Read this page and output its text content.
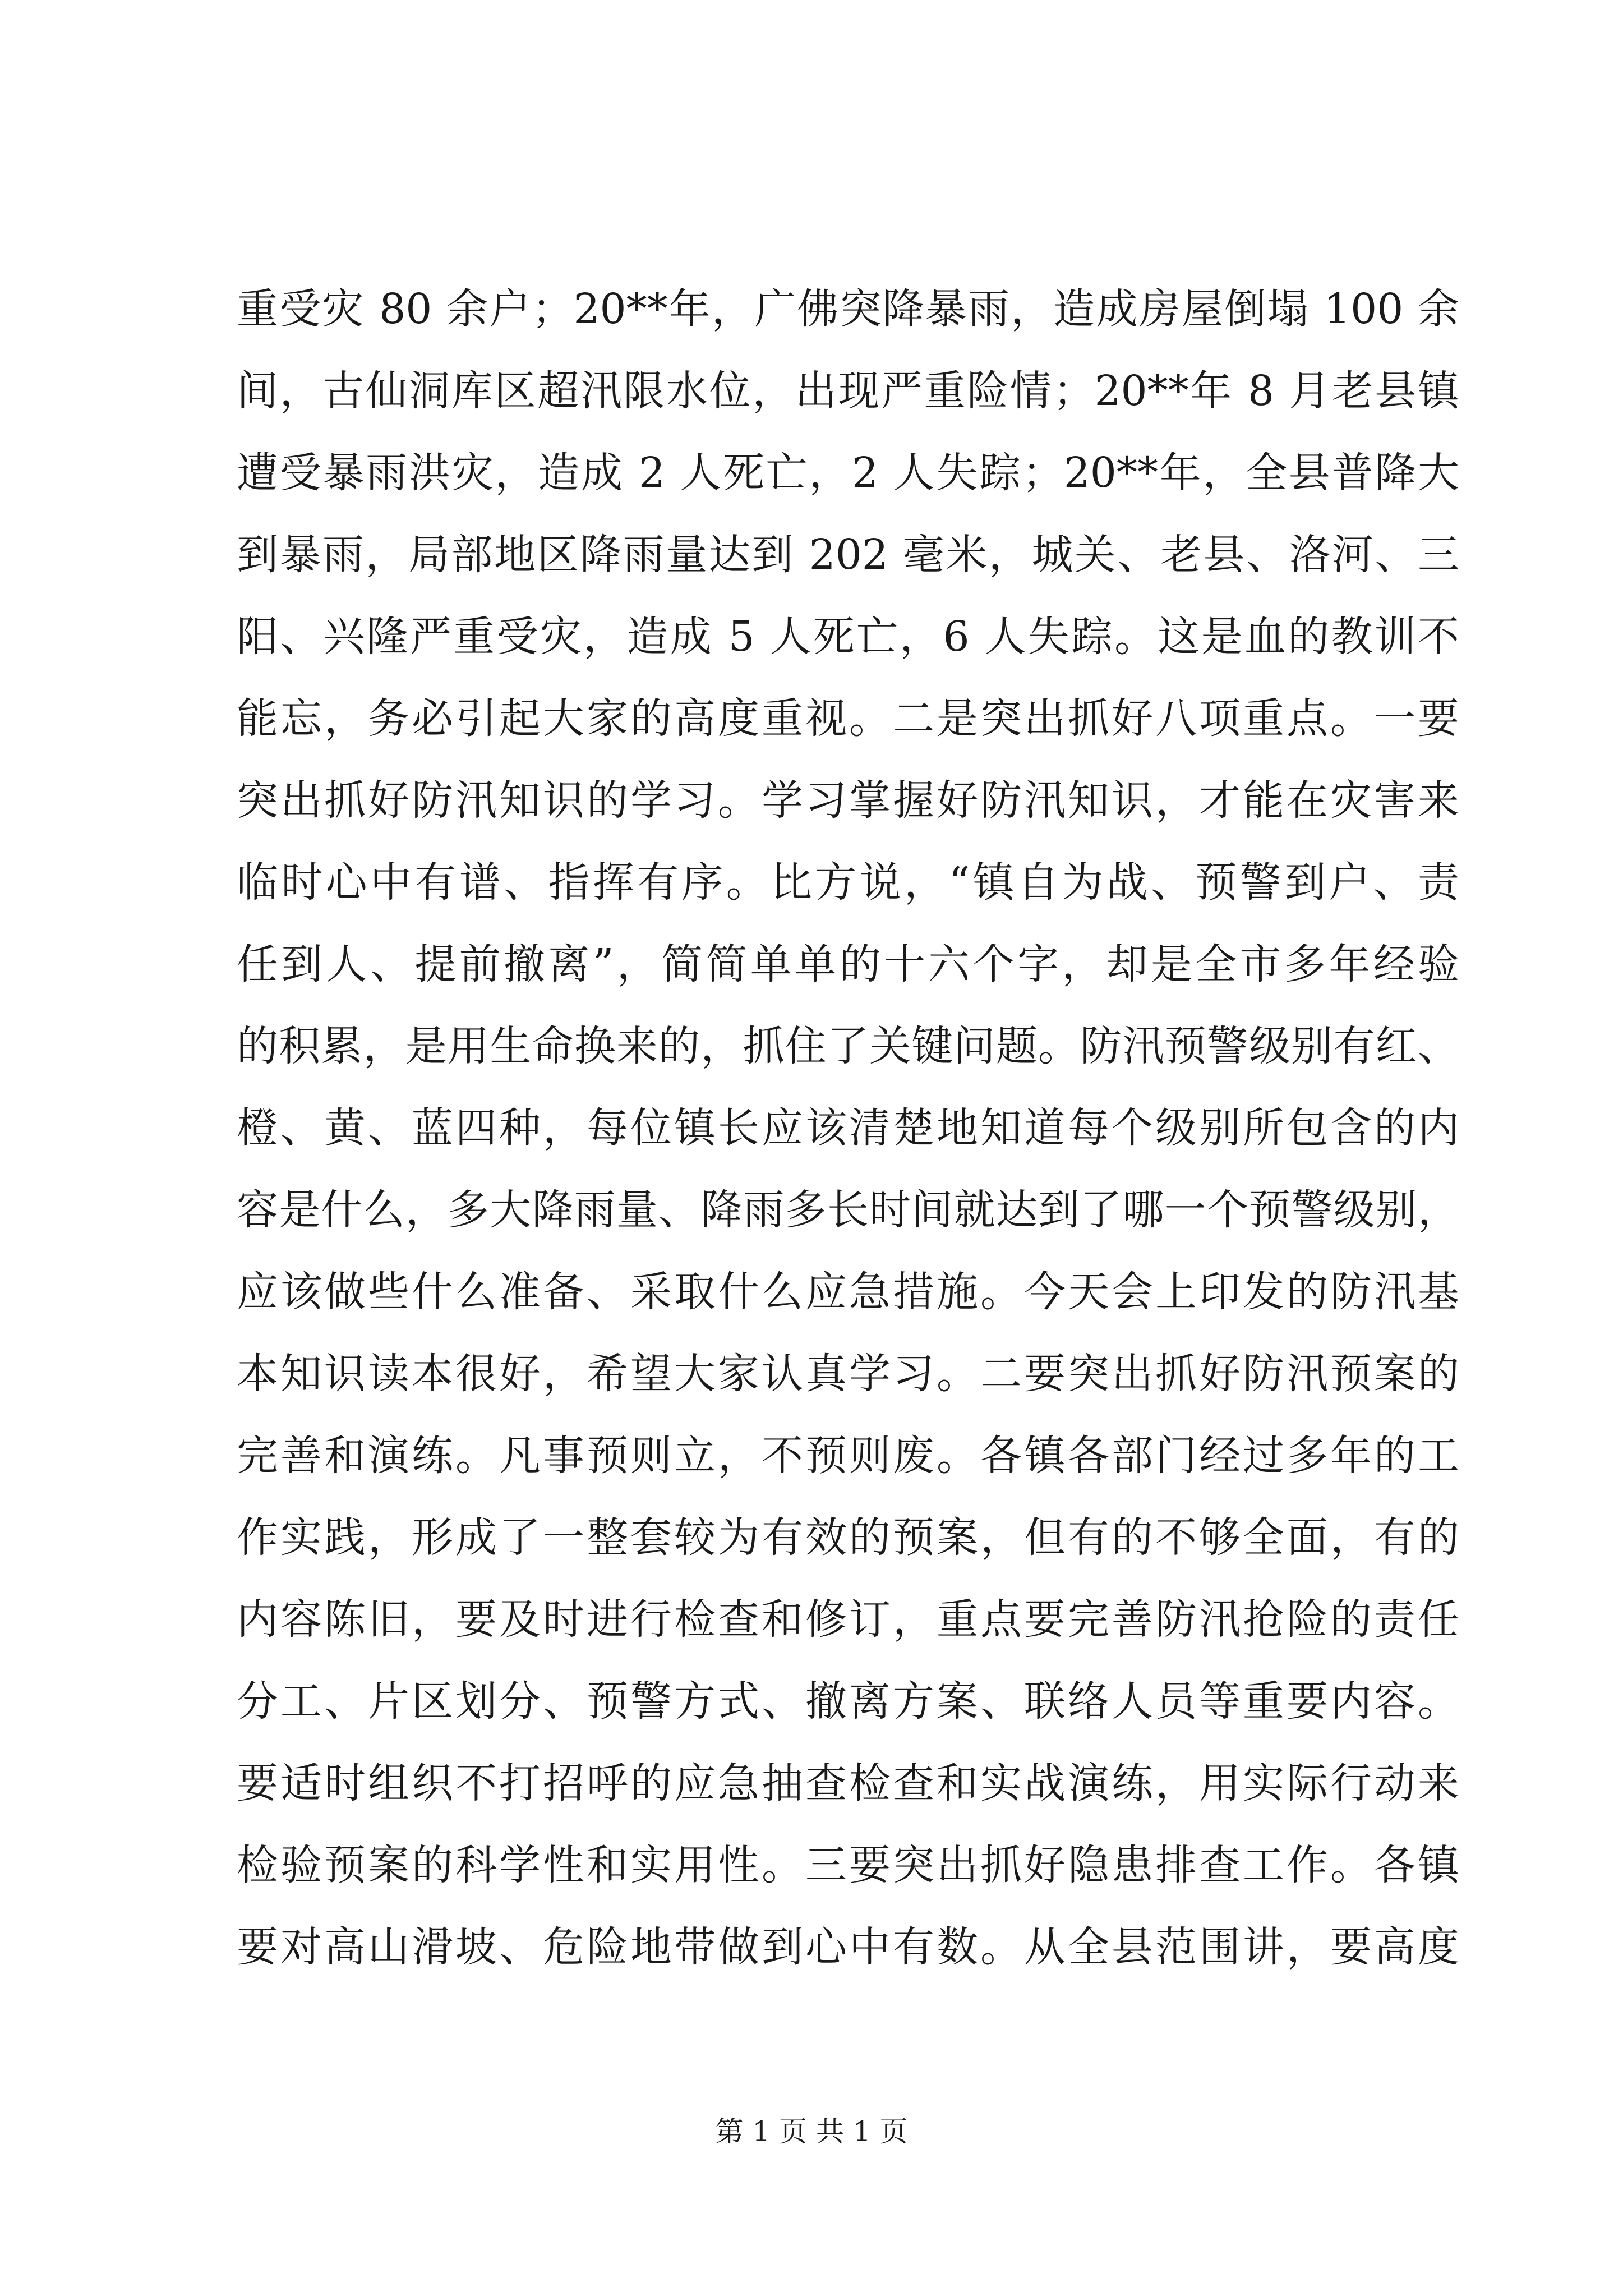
重受灾 80 余户；20**年，广佛突降暴雨，造成房屋倒塌 100 余
间，古仙洞库区超汛限水位，出现严重险情；20**年 8 月老县镇
遭受暴雨洪灾，造成 2 人死亡，2 人失踪；20**年，全县普降大
到暴雨，局部地区降雨量达到 202 毫米，城关、老县、洛河、三
阳、兴隆严重受灾，造成 5 人死亡，6 人失踪。这是血的教训不
能忘，务必引起大家的高度重视。二是突出抓好八项重点。一要
突出抓好防汛知识的学习。学习掌握好防汛知识，才能在灾害来
临时心中有谱、指挥有序。比方说，“镇自为战、预警到户、责
任到人、提前撤离”，简简单单的十六个字，却是全市多年经验
的积累，是用生命换来的，抓住了关键问题。防汛预警级别有红、
橙、黄、蓝四种，每位镇长应该清楚地知道每个级别所包含的内
容是什么，多大降雨量、降雨多长时间就达到了哪一个预警级别，
应该做些什么准备、采取什么应急措施。今天会上印发的防汛基
本知识读本很好，希望大家认真学习。二要突出抓好防汛预案的
完善和演练。凡事预则立，不预则废。各镇各部门经过多年的工
作实践，形成了一整套较为有效的预案，但有的不够全面，有的
内容陈旧，要及时进行检查和修订，重点要完善防汛抢险的责任
分工、片区划分、预警方式、撤离方案、联络人员等重要内容。
要适时组织不打招呼的应急抽查检查和实战演练，用实际行动来
检验预案的科学性和实用性。三要突出抓好隐患排查工作。各镇
要对高山滑坡、危险地带做到心中有数。从全县范围讲，要高度
第 1 页 共 1 页
